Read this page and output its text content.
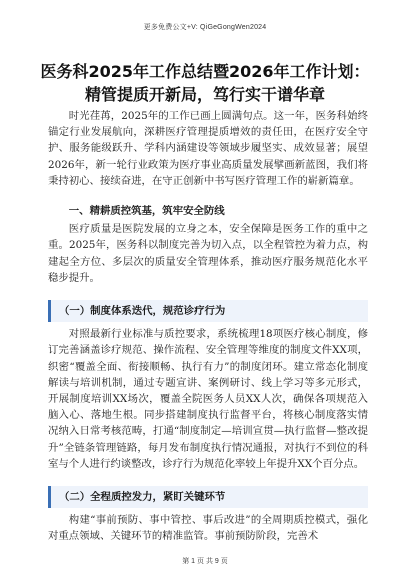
更多免费公文+V: QiGeGongWen2024
医务科2025年工作总结暨2026年工作计划：
精管提质开新局，笃行实干谱华章

时光荏苒，2025年的工作已画上圆满句点。这一年，医务科始终锚定行业发展航向，深耕医疗管理提质增效的责任田，在医疗安全守护、服务能级跃升、学科内涵建设等领域步履坚实、成效显著；展望2026年，新一轮行业政策为医疗事业高质量发展擘画新蓝图，我们将秉持初心、接续奋进，在守正创新中书写医疗管理工作的崭新篇章。

一、精耕质控筑基，筑牢安全防线

医疗质量是医院发展的立身之本，安全保障是医务工作的重中之重。2025年，医务科以制度完善为切入点，以全程管控为着力点，构建起全方位、多层次的质量安全管理体系，推动医疗服务规范化水平稳步提升。

（一）制度体系迭代，规范诊疗行为

对照最新行业标准与质控要求，系统梳理18项医疗核心制度，修订完善涵盖诊疗规范、操作流程、安全管理等维度的制度文件XX项，织密“覆盖全面、衔接顺畅、执行有力”的制度闭环。建立常态化制度解读与培训机制，通过专题宣讲、案例研讨、线上学习等多元形式，开展制度培训XX场次，覆盖全院医务人员XX人次，确保各项规范入脑入心、落地生根。同步搭建制度执行监督平台，将核心制度落实情况纳入日常考核范畴，打通“制度制定—培训宣贯—执行监督—整改提升”全链条管理链路，每月发布制度执行情况通报，对执行不到位的科室与个人进行约谈整改，诊疗行为规范化率较上年提升XX个百分点。

（二）全程质控发力，紧盯关键环节

构建“事前预防、事中管控、事后改进”的全周期质控模式，强化对重点领域、关键环节的精准监管。事前预防阶段，完善术

第 1 页 共 9 页
